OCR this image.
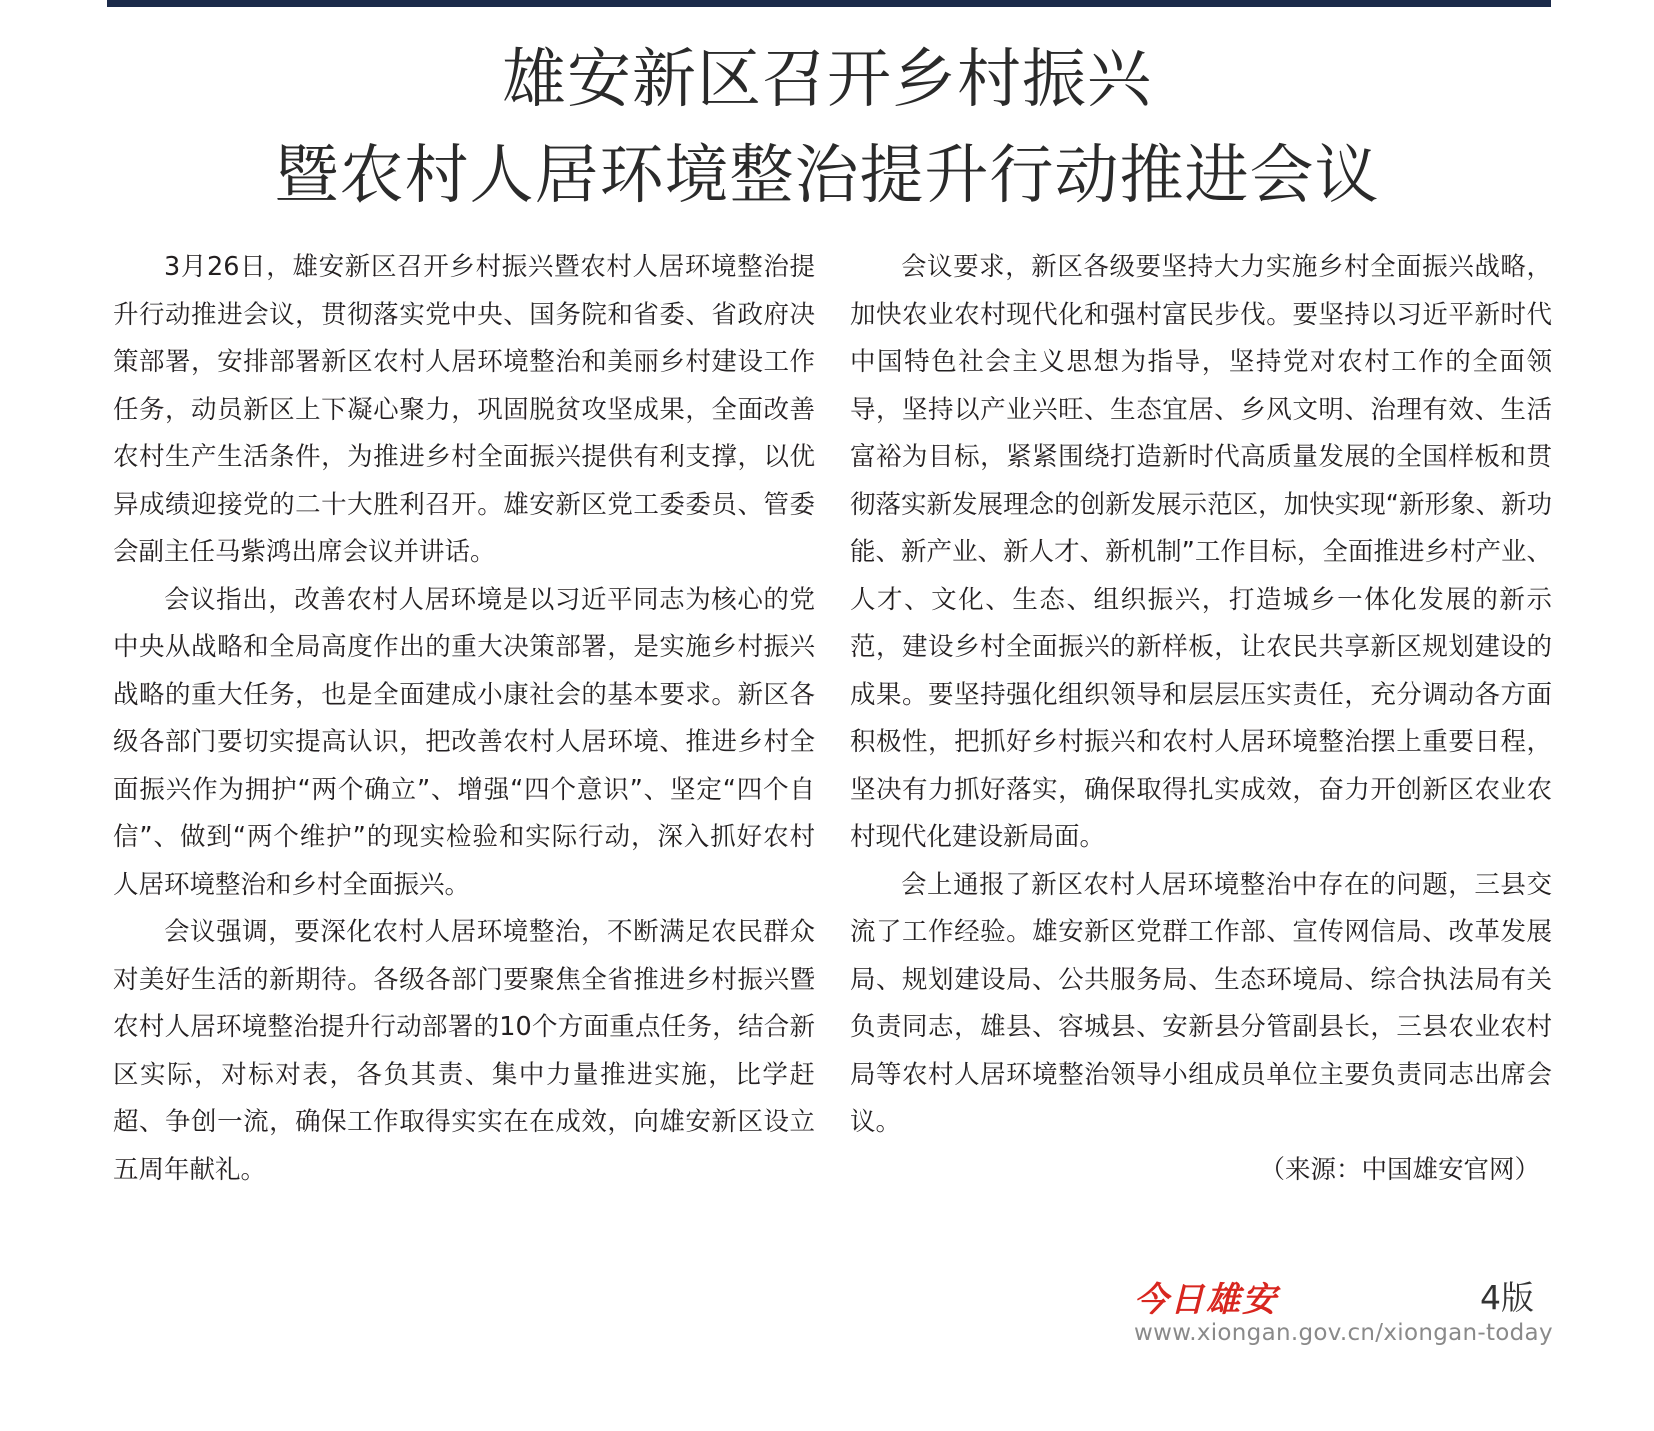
雄安新区召开乡村振兴
暨农村人居环境整治提升行动推进会议

3月26日，雄安新区召开乡村振兴暨农村人居环境整治提升行动推进会议，贯彻落实党中央、国务院和省委、省政府决策部署，安排部署新区农村人居环境整治和美丽乡村建设工作任务，动员新区上下凝心聚力，巩固脱贫攻坚成果，全面改善农村生产生活条件，为推进乡村全面振兴提供有利支撑，以优异成绩迎接党的二十大胜利召开。雄安新区党工委委员、管委会副主任马紫鸿出席会议并讲话。

会议指出，改善农村人居环境是以习近平同志为核心的党中央从战略和全局高度作出的重大决策部署，是实施乡村振兴战略的重大任务，也是全面建成小康社会的基本要求。新区各级各部门要切实提高认识，把改善农村人居环境、推进乡村全面振兴作为拥护“两个确立”、增强“四个意识”、坚定“四个自信”、做到“两个维护”的现实检验和实际行动，深入抓好农村人居环境整治和乡村全面振兴。

会议强调，要深化农村人居环境整治，不断满足农民群众对美好生活的新期待。各级各部门要聚焦全省推进乡村振兴暨农村人居环境整治提升行动部署的10个方面重点任务，结合新区实际，对标对表，各负其责、集中力量推进实施，比学赶超、争创一流，确保工作取得实实在在成效，向雄安新区设立五周年献礼。

会议要求，新区各级要坚持大力实施乡村全面振兴战略，加快农业农村现代化和强村富民步伐。要坚持以习近平新时代中国特色社会主义思想为指导，坚持党对农村工作的全面领导，坚持以产业兴旺、生态宜居、乡风文明、治理有效、生活富裕为目标，紧紧围绕打造新时代高质量发展的全国样板和贯彻落实新发展理念的创新发展示范区，加快实现“新形象、新功能、新产业、新人才、新机制”工作目标，全面推进乡村产业、人才、文化、生态、组织振兴，打造城乡一体化发展的新示范，建设乡村全面振兴的新样板，让农民共享新区规划建设的成果。要坚持强化组织领导和层层压实责任，充分调动各方面积极性，把抓好乡村振兴和农村人居环境整治摆上重要日程，坚决有力抓好落实，确保取得扎实成效，奋力开创新区农业农村现代化建设新局面。

会上通报了新区农村人居环境整治中存在的问题，三县交流了工作经验。雄安新区党群工作部、宣传网信局、改革发展局、规划建设局、公共服务局、生态环境局、综合执法局有关负责同志，雄县、容城县、安新县分管副县长，三县农业农村局等农村人居环境整治领导小组成员单位主要负责同志出席会议。

（来源：中国雄安官网）

今日雄安	4版
www.xiongan.gov.cn/xiongan-today
